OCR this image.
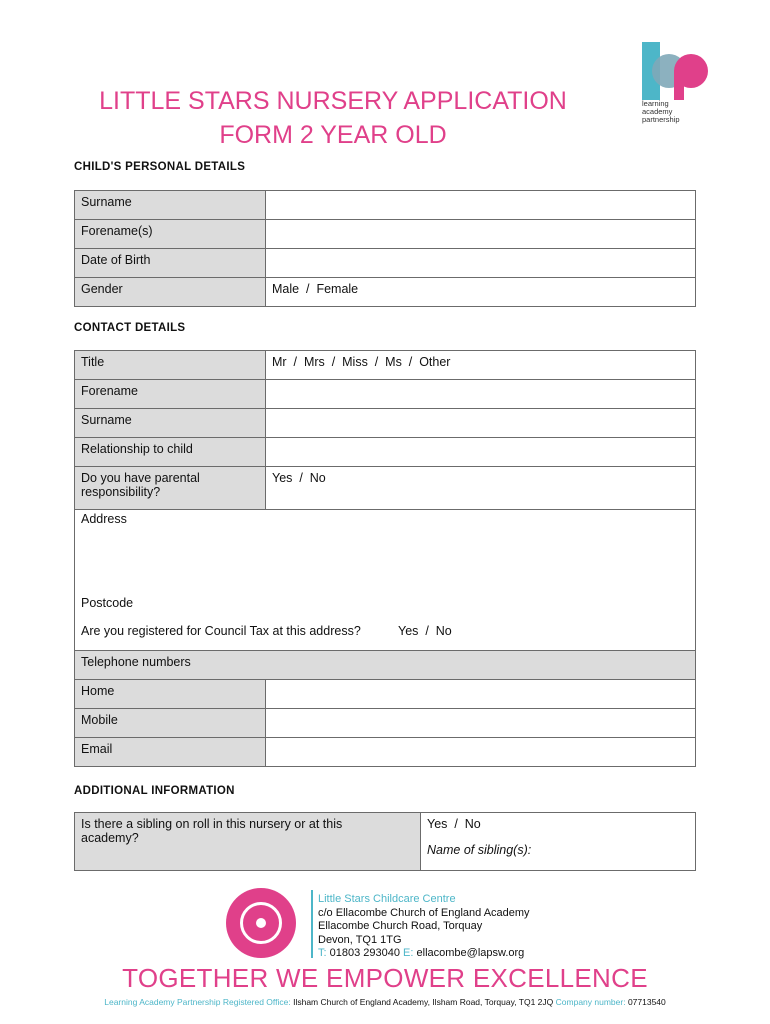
LITTLE STARS NURSERY APPLICATION
FORM 2 YEAR OLD
learning
academy
partnership
CHILD'S PERSONAL DETAILS
Surname	
Forename(s)	
Date of Birth	
Gender	Male  /  Female
CONTACT DETAILS
Title	Mr  /  Mrs  /  Miss  /  Ms  /  Other
Forename	
Surname	
Relationship to child	

Do you have parental
responsibility?	Yes  /  No

Address
Postcode
Are you registered for Council Tax at this address? Yes  /  No	

Telephone numbers	
Home	
Mobile	
Email	
ADDITIONAL INFORMATION
Is there a sibling on roll in this nursery or at this
academy?

Yes  /  No
Name of sibling(s):
Little Stars Childcare Centre
c/o Ellacombe Church of England Academy
Ellacombe Church Road, Torquay
Devon, TQ1 1TG
T: 01803 293040 E: ellacombe@lapsw.org
TOGETHER WE EMPOWER EXCELLENCE
Learning Academy Partnership Registered Office: Ilsham Church of England Academy, Ilsham Road, Torquay, TQ1 2JQ Company number: 07713540
